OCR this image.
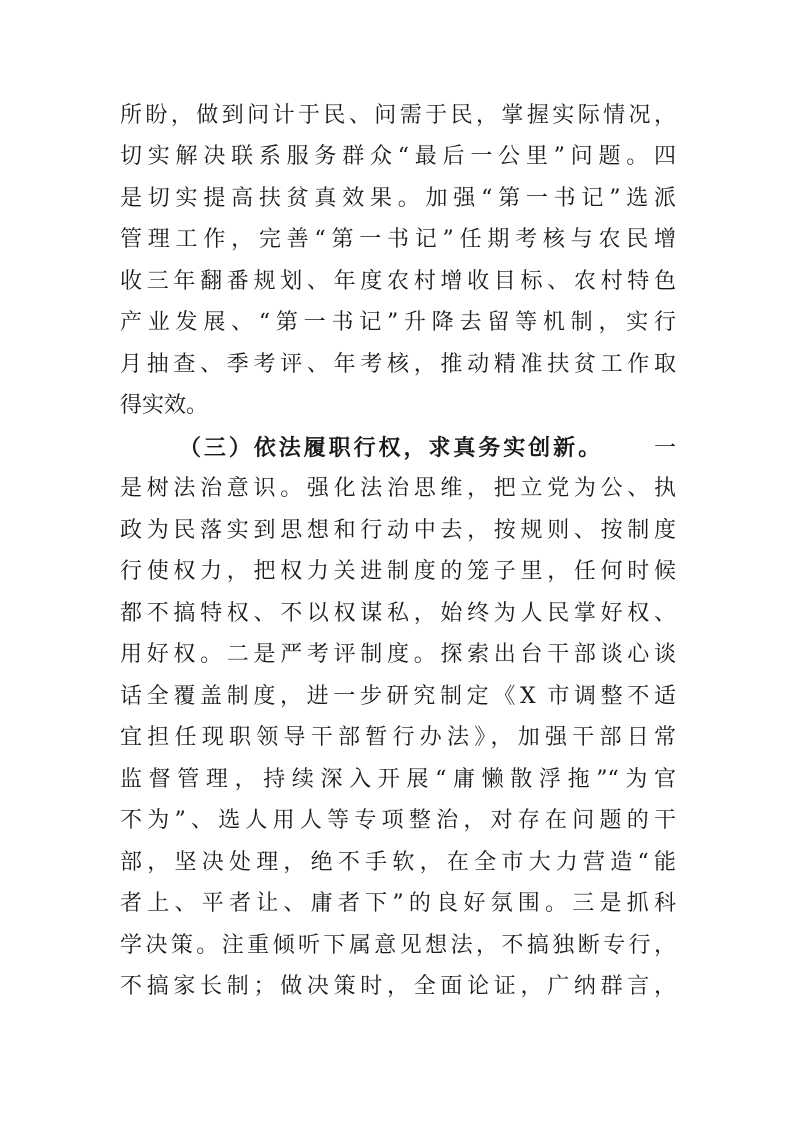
所盼，做到问计于民、问需于民，掌握实际情况，
切实解决联系服务群众“最后一公里”问题。四
是切实提高扶贫真效果。加强“第一书记”选派
管理工作，完善“第一书记”任期考核与农民增
收三年翻番规划、年度农村增收目标、农村特色
产业发展、“第一书记”升降去留等机制，实行
月抽查、季考评、年考核，推动精准扶贫工作取
得实效。
（三）依法履职行权，求真务实创新。 一
是树法治意识。强化法治思维，把立党为公、执
政为民落实到思想和行动中去，按规则、按制度
行使权力，把权力关进制度的笼子里，任何时候
都不搞特权、不以权谋私，始终为人民掌好权、
用好权。二是严考评制度。探索出台干部谈心谈
话全覆盖制度，进一步研究制定《X 市调整不适
宜担任现职领导干部暂行办法》，加强干部日常
监督管理，持续深入开展“庸懒散浮拖”“为官
不为”、选人用人等专项整治，对存在问题的干
部，坚决处理，绝不手软，在全市大力营造“能
者上、平者让、庸者下”的良好氛围。三是抓科
学决策。注重倾听下属意见想法，不搞独断专行，
不搞家长制；做决策时，全面论证，广纳群言，
